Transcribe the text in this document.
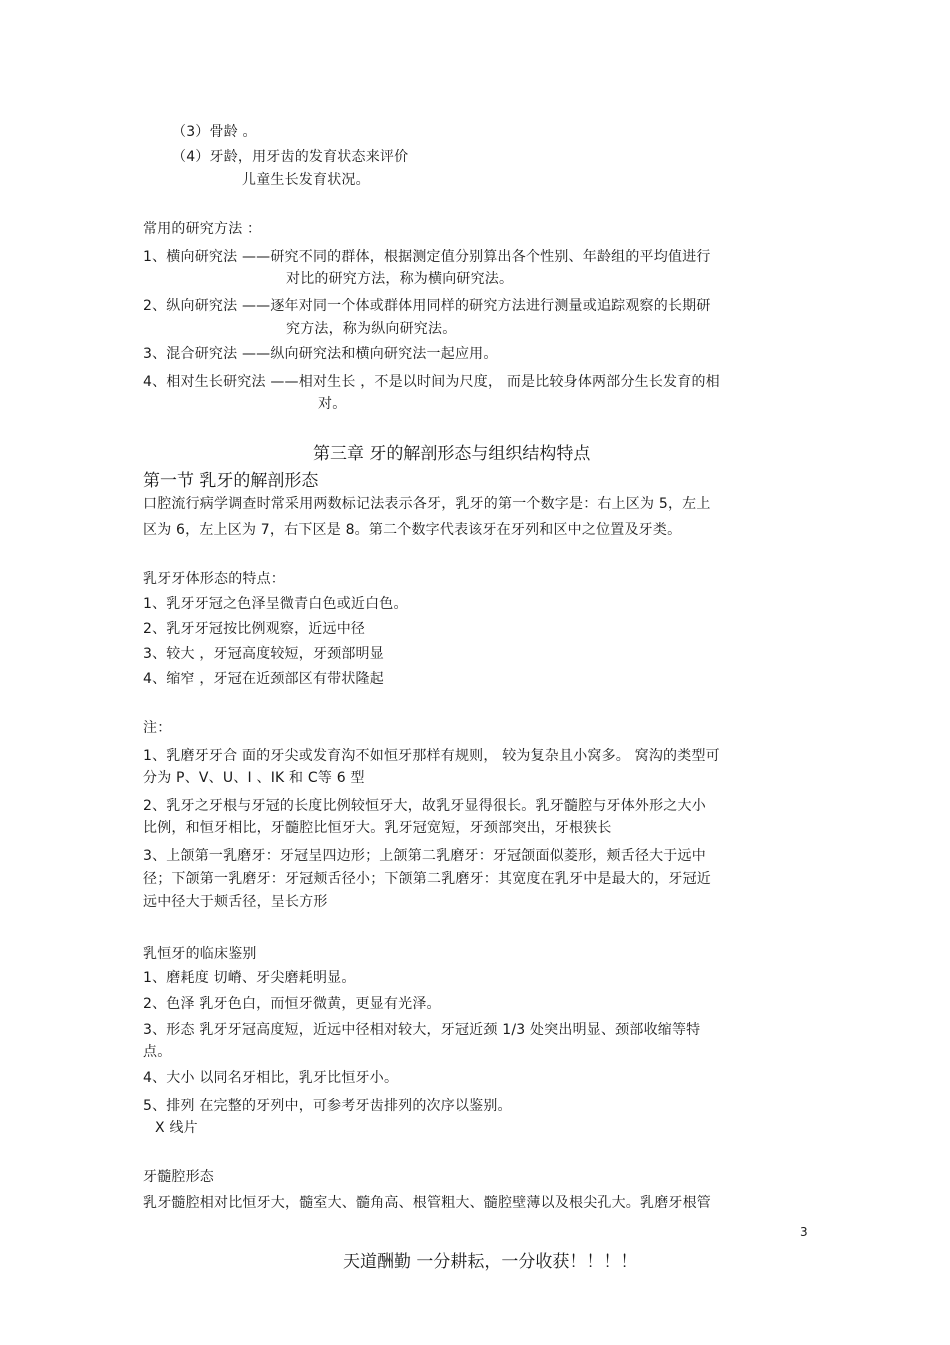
（3）骨龄 。
（4）牙龄，用牙齿的发育状态来评价
儿童生长发育状况。
常用的研究方法 ：
1、横向研究法 ——研究不同的群体，根据测定值分别算出各个性别、年龄组的平均值进行
对比的研究方法，称为横向研究法。
2、纵向研究法 ——逐年对同一个体或群体用同样的研究方法进行测量或追踪观察的长期研
究方法，称为纵向研究法。
3、混合研究法 ——纵向研究法和横向研究法一起应用。
4、相对生长研究法 ——相对生长 ，不是以时间为尺度， 而是比较身体两部分生长发育的相
对。
第三章 牙的解剖形态与组织结构特点
第一节 乳牙的解剖形态
口腔流行病学调查时常采用两数标记法表示各牙，乳牙的第一个数字是：右上区为 5，左上
区为 6，左上区为 7，右下区是 8。第二个数字代表该牙在牙列和区中之位置及牙类。
乳牙牙体形态的特点：
1、乳牙牙冠之色泽呈微青白色或近白色。
2、乳牙牙冠按比例观察，近远中径
3、较大 ，牙冠高度较短，牙颈部明显
4、缩窄 ，牙冠在近颈部区有带状隆起
注：
1、乳磨牙牙合 面的牙尖或发育沟不如恒牙那样有规则， 较为复杂且小窝多。 窝沟的类型可
分为 P、V、U、I 、IK 和 C等 6 型
2、乳牙之牙根与牙冠的长度比例较恒牙大，故乳牙显得很长。乳牙髓腔与牙体外形之大小
比例，和恒牙相比，牙髓腔比恒牙大。乳牙冠宽短，牙颈部突出，牙根狭长
3、上颌第一乳磨牙：牙冠呈四边形；上颌第二乳磨牙：牙冠颌面似菱形，颊舌径大于远中
径；下颌第一乳磨牙：牙冠颊舌径小；下颌第二乳磨牙：其宽度在乳牙中是最大的，牙冠近
远中径大于颊舌径，呈长方形
乳恒牙的临床鉴别
1、磨耗度 切嵴、牙尖磨耗明显。
2、色泽 乳牙色白，而恒牙微黄，更显有光泽。
3、形态 乳牙牙冠高度短，近远中径相对较大，牙冠近颈 1/3 处突出明显、颈部收缩等特
点。
4、大小 以同名牙相比，乳牙比恒牙小。
5、排列 在完整的牙列中，可参考牙齿排列的次序以鉴别。
X 线片
牙髓腔形态
乳牙髓腔相对比恒牙大，髓室大、髓角高、根管粗大、髓腔壁薄以及根尖孔大。乳磨牙根管
3
天道酬勤 一分耕耘，一分收获！！！！
